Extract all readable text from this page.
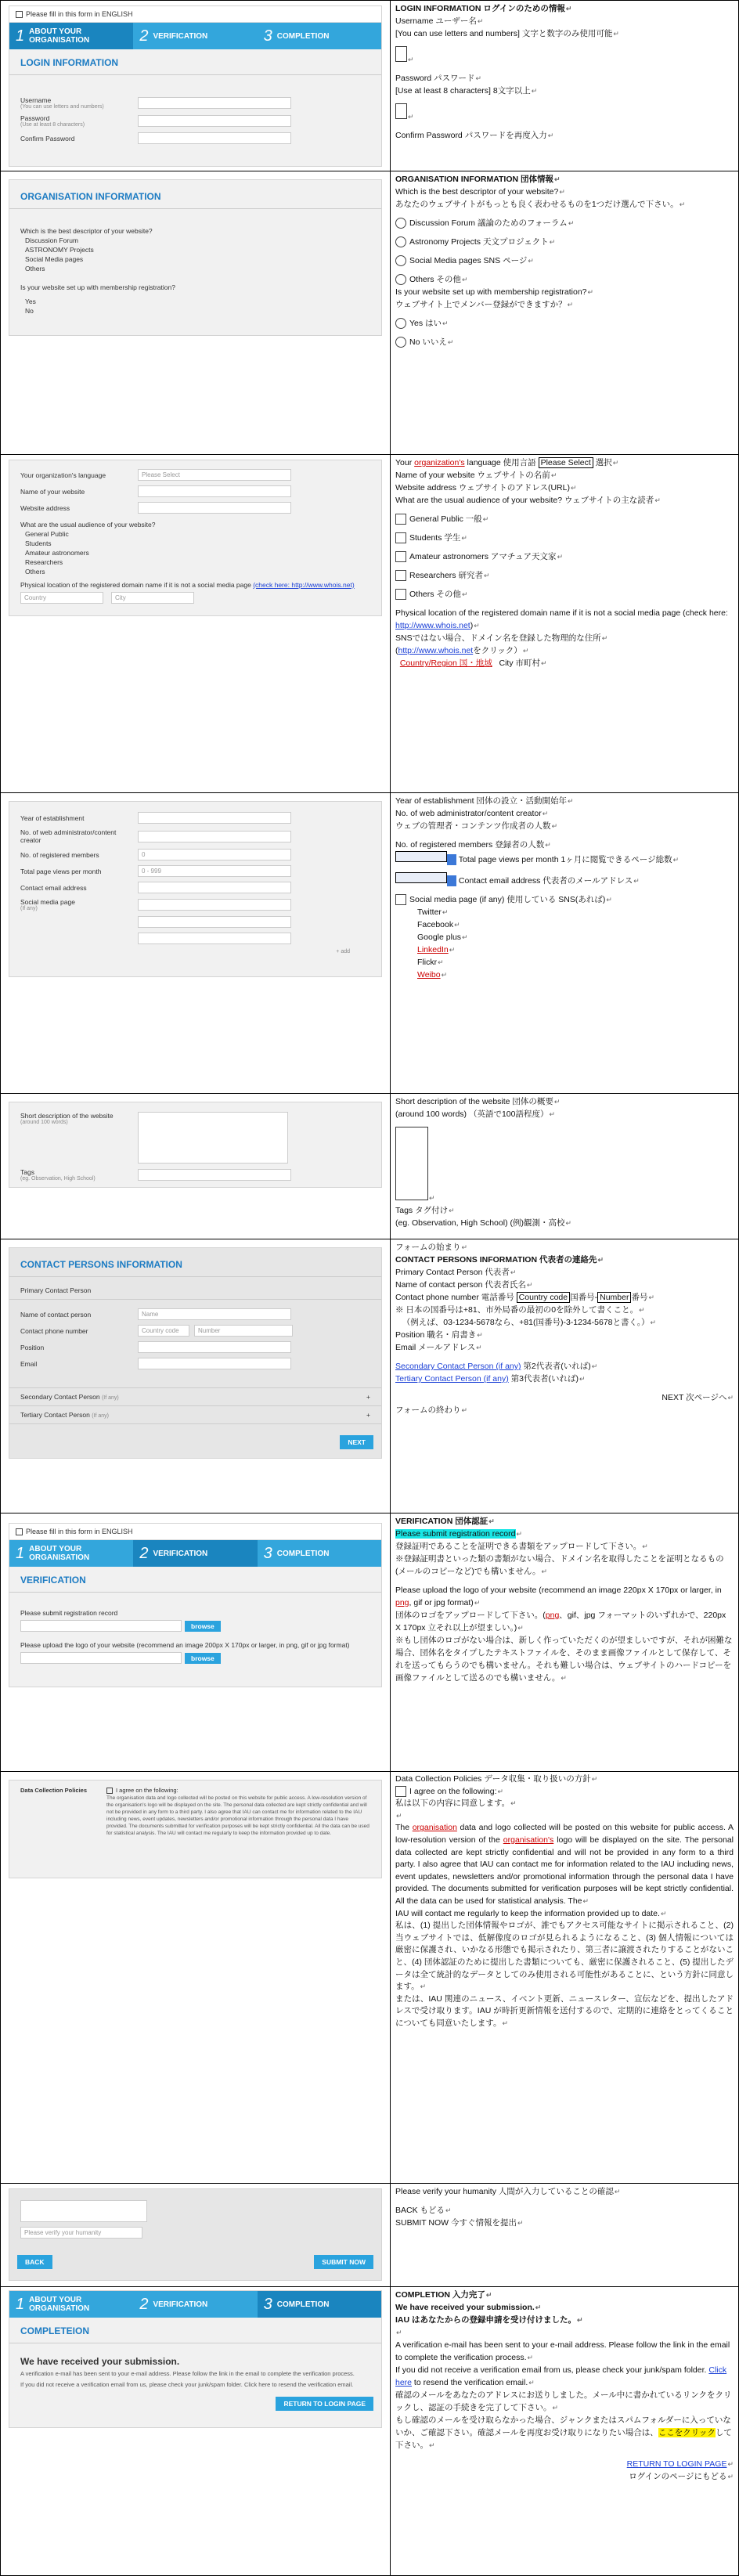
Please fill in this form in ENGLISH
1 ABOUT YOUR ORGANISATION	2 VERIFICATION	3 COMPLETION
LOGIN INFORMATION
Username
(You can use letters and numbers)
Password
(Use at least 8 characters)
Confirm Password

LOGIN INFORMATION ログインのための情報↵

Username ユーザー名↵

[You can use letters and numbers] 文字と数字のみ使用可能↵

↵

Password パスワード↵

[Use at least 8 characters] 8文字以上↵

↵

Confirm Password パスワードを再度入力↵

ORGANISATION INFORMATION
Which is the best descriptor of your website?
Discussion Forum
ASTRONOMY Projects
Social Media pages
Others
Is your website set up with membership registration?
Yes
No

ORGANISATION INFORMATION 団体情報↵

Which is the best descriptor of your website?↵

あなたのウェブサイトがもっとも良く表わせるものを1つだけ選んで下さい。↵

Discussion Forum 議論のためのフォーラム↵

Astronomy Projects 天文プロジェクト↵

Social Media pages SNS ページ↵

Others その他↵

Is your website set up with membership registration?↵

ウェブサイト上でメンバー登録ができますか？↵

Yes はい↵

No いいえ↵

Your organization's language	Please Select
Name of your website
Website address
What are the usual audience of your website?
General Public
Students
Amateur astronomers
Researchers
Others
Physical location of the registered domain name if it is not a social media page (check here: http://www.whois.net)
Country	City

Your organization's language 使用言語 Please Select 選択↵

Name of your website ウェブサイトの名前↵

Website address ウェブサイトのアドレス(URL)↵

What are the usual audience of your website? ウェブサイトの主な読者↵

General Public 一般↵

Students 学生↵

Amateur astronomers アマチュア天文家↵

Researchers 研究者↵

Others その他↵

Physical location of the registered domain name if it is not a social media page (check here: http://www.whois.net)↵

SNSではない場合、ドメイン名を登録した物理的な住所↵

(http://www.whois.netをクリック）↵

Country/Region 国・地域 City 市町村↵

Year of establishment
No. of web administrator/content creator
No. of registered members	0
Total page views per month	0 - 999
Contact email address
Social media page
(If any)
+ add

Year of establishment 団体の設立・活動開始年↵

No. of web administrator/content creator↵

ウェブの管理者・コンテンツ作成者の人数↵

No. of registered members 登録者の人数↵

Total page views per month 1ヶ月に閲覧できるページ総数↵

Contact email address 代表者のメールアドレス↵

Social media page (if any) 使用している SNS(あれば)↵

Twitter↵

Facebook↵

Google plus↵

LinkedIn↵

Flickr↵

Weibo↵

Short description of the website
(around 100 words)
Tags
(eg. Observation, High School)

Short description of the website 団体の概要↵

(around 100 words) （英語で100語程度）↵

↵

Tags タグ付け↵

(eg. Observation, High School) (例)観測・高校↵

CONTACT PERSONS INFORMATION
Primary Contact Person
Name of contact person	Name
Contact phone number	Country code	Number
Position
Email
Secondary Contact Person (If any)	+
Tertiary Contact Person (If any)	+
NEXT

フォームの始まり↵

CONTACT PERSONS INFORMATION 代表者の連絡先↵

Primary Contact Person 代表者↵

Name of contact person 代表者氏名↵

Contact phone number 電話番号 Country code 国番号- Number 番号↵

※ 日本の国番号は+81、市外局番の最初の0を除外して書くこと。↵

（例えば、03-1234-5678なら、+81(国番号)-3-1234-5678と書く。）↵

Position 職名・肩書き↵

Email メールアドレス↵

Secondary Contact Person (if any) 第2代表者(いれば)↵

Tertiary Contact Person (if any) 第3代表者(いれば)↵

NEXT 次ページへ↵

フォームの終わり↵

Please fill in this form in ENGLISH
1 ABOUT YOUR ORGANISATION	2 VERIFICATION	3 COMPLETION
VERIFICATION
Please submit registration record
browse
Please upload the logo of your website (recommend an image 200px X 170px or larger, in png, gif or jpg format)
browse

VERIFICATION 団体認証↵

Please submit registration record↵

登録証明であることを証明できる書類をアップロードして下さい。↵

※登録証明書といった類の書類がない場合、ドメイン名を取得したことを証明となるもの(メールのコピーなど)でも構いません。↵

Please upload the logo of your website (recommend an image 220px X 170px or larger, in png, gif or jpg format)↵

団体のロゴをアップロードして下さい。(png、gif、jpg フォーマットのいずれかで、220px X 170px 立それ以上が望ましい。)↵

※もし団体のロゴがない場合は、新しく作っていただくのが望ましいですが、それが困難な場合、団体名をタイプしたテキストファイルを、そのまま画像ファイルとして保存して、それを送ってもらうのでも構いません。それも難しい場合は、ウェブサイトのハードコピーを画像ファイルとして送るのでも構いません。↵

Data Collection Policies	I agree on the following:
The organisation data and logo collected will be posted on this website for public access. A low-resolution version of the organisation's logo will be displayed on the site. The personal data collected are kept strictly confidential and will not be provided in any form to a third party. I also agree that IAU can contact me for information related to the IAU including news, event updates, newsletters and/or promotional information through the personal data I have provided. The documents submitted for verification purposes will be kept strictly confidential. All the data can be used for statistical analysis. The IAU will contact me regularly to keep the information provided up to date.

Data Collection Policies データ収集・取り扱いの方針↵

I agree on the following:↵

私は以下の内容に同意します。↵

↵

The organisation data and logo collected will be posted on this website for public access. A low-resolution version of the organisation's logo will be displayed on the site. The personal data collected are kept strictly confidential and will not be provided in any form to a third party. I also agree that IAU can contact me for information related to the IAU including news, event updates, newsletters and/or promotional information through the personal data I have provided. The documents submitted for verification purposes will be kept strictly confidential. All the data can be used for statistical analysis. The↵

IAU will contact me regularly to keep the information provided up to date.↵

私は、(1) 提出した団体情報やロゴが、誰でもアクセス可能なサイトに掲示されること、(2) 当ウェブサイトでは、低解像度のロゴが見られるようになること、(3) 個人情報については厳密に保護され、いかなる形態でも掲示されたり、第三者に譲渡されたりすることがないこと、(4) 団体認証のために提出した書類についても、厳密に保護されること、(5) 提出したデータは全て統計的なデータとしてのみ使用される可能性があることに、という方針に同意します。↵

または、IAU 関連のニュース、イベント更新、ニュースレター、宣伝などを、提出したアドレスで受け取ります。IAU が時折更新情報を送付するので、定期的に連絡をとってくることについても同意いたします。↵

Please verify your humanity
BACK	SUBMIT NOW

Please verify your humanity 人間が入力していることの確認↵

BACK もどる↵

SUBMIT NOW 今すぐ情報を提出↵

1 ABOUT YOUR ORGANISATION	2 VERIFICATION	3 COMPLETION
COMPLETEION
We have received your submission.
A verification e-mail has been sent to your e-mail address. Please follow the link in the email to complete the verification process.
If you did not receive a verification email from us, please check your junk/spam folder. Click here to resend the verification email.
RETURN TO LOGIN PAGE

COMPLETION 入力完了↵

We have received your submission.↵

IAU はあなたからの登録申請を受け付けました。↵

↵

A verification e-mail has been sent to your e-mail address. Please follow the link in the email to complete the verification process.↵

If you did not receive a verification email from us, please check your junk/spam folder. Click here to resend the verification email.↵

確認のメールをあなたのアドレスにお送りしました。メール中に書かれているリンクをクリックし、認証の手続きを完了して下さい。↵

もし確認のメールを受け取らなかった場合、ジャンクまたはスパムフォルダーに入っていないか、ご確認下さい。確認メールを再度お受け取りになりたい場合は、ここをクリックして下さい。↵

RETURN TO LOGIN PAGE↵

ログインのページにもどる↵
